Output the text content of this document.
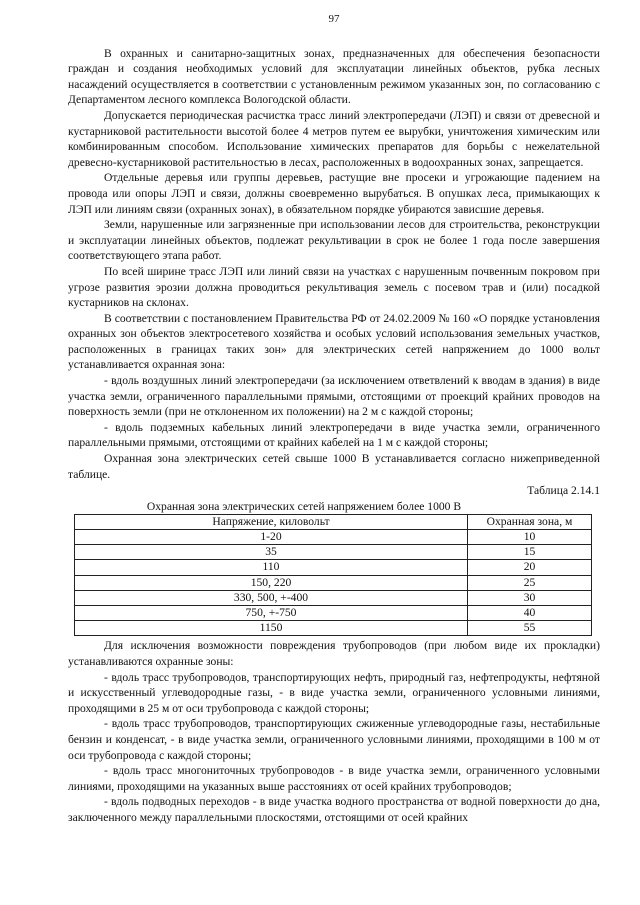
97

В охранных и санитарно-защитных зонах, предназначенных для обеспечения безопасности граждан и создания необходимых условий для эксплуатации линейных объектов, рубка лесных насаждений осуществляется в соответствии с установленным режимом указанных зон, по согласованию с Департаментом лесного комплекса Вологодской области.

Допускается периодическая расчистка трасс линий электропередачи (ЛЭП) и связи от древесной и кустарниковой растительности высотой более 4 метров путем ее вырубки, уничтожения химическим или комбинированным способом. Использование химических препаратов для борьбы с нежелательной древесно-кустарниковой растительностью в лесах, расположенных в водоохранных зонах, запрещается.

Отдельные деревья или группы деревьев, растущие вне просеки и угрожающие падением на провода или опоры ЛЭП и связи, должны своевременно вырубаться. В опушках леса, примыкающих к ЛЭП или линиям связи (охранных зонах), в обязательном порядке убираются зависшие деревья.

Земли, нарушенные или загрязненные при использовании лесов для строительства, реконструкции и эксплуатации линейных объектов, подлежат рекультивации в срок не более 1 года после завершения соответствующего этапа работ.

По всей ширине трасс ЛЭП или линий связи на участках с нарушенным почвенным покровом при угрозе развития эрозии должна проводиться рекультивация земель с посевом трав и (или) посадкой кустарников на склонах.

В соответствии с постановлением Правительства РФ от 24.02.2009 № 160 «О порядке установления охранных зон объектов электросетевого хозяйства и особых условий использования земельных участков, расположенных в границах таких зон» для электрических сетей напряжением до 1000 вольт устанавливается охранная зона:

- вдоль воздушных линий электропередачи (за исключением ответвлений к вводам в здания) в виде участка земли, ограниченного параллельными прямыми, отстоящими от проекций крайних проводов на поверхность земли (при не отклоненном их положении) на 2 м с каждой стороны;

- вдоль подземных кабельных линий электропередачи в виде участка земли, ограниченного параллельными прямыми, отстоящими от крайних кабелей на 1 м с каждой стороны;

Охранная зона электрических сетей свыше 1000 В устанавливается согласно нижеприведенной таблице.

Таблица 2.14.1
Охранная зона электрических сетей напряжением более 1000 В
Напряжение, киловольт	Охранная зона, м
1-20	10
35	15
110	20
150, 220	25
330, 500, +-400	30
750, +-750	40
1150	55

Для исключения возможности повреждения трубопроводов (при любом виде их прокладки) устанавливаются охранные зоны:

- вдоль трасс трубопроводов, транспортирующих нефть, природный газ, нефтепродукты, нефтяной и искусственный углеводородные газы, - в виде участка земли, ограниченного условными линиями, проходящими в 25 м от оси трубопровода с каждой стороны;

- вдоль трасс трубопроводов, транспортирующих сжиженные углеводородные газы, нестабильные бензин и конденсат, - в виде участка земли, ограниченного условными линиями, проходящими в 100 м от оси трубопровода с каждой стороны;

- вдоль трасс многониточных трубопроводов - в виде участка земли, ограниченного условными линиями, проходящими на указанных выше расстояниях от осей крайних трубопроводов;

- вдоль подводных переходов - в виде участка водного пространства от водной поверхности до дна, заключенного между параллельными плоскостями, отстоящими от осей крайних
